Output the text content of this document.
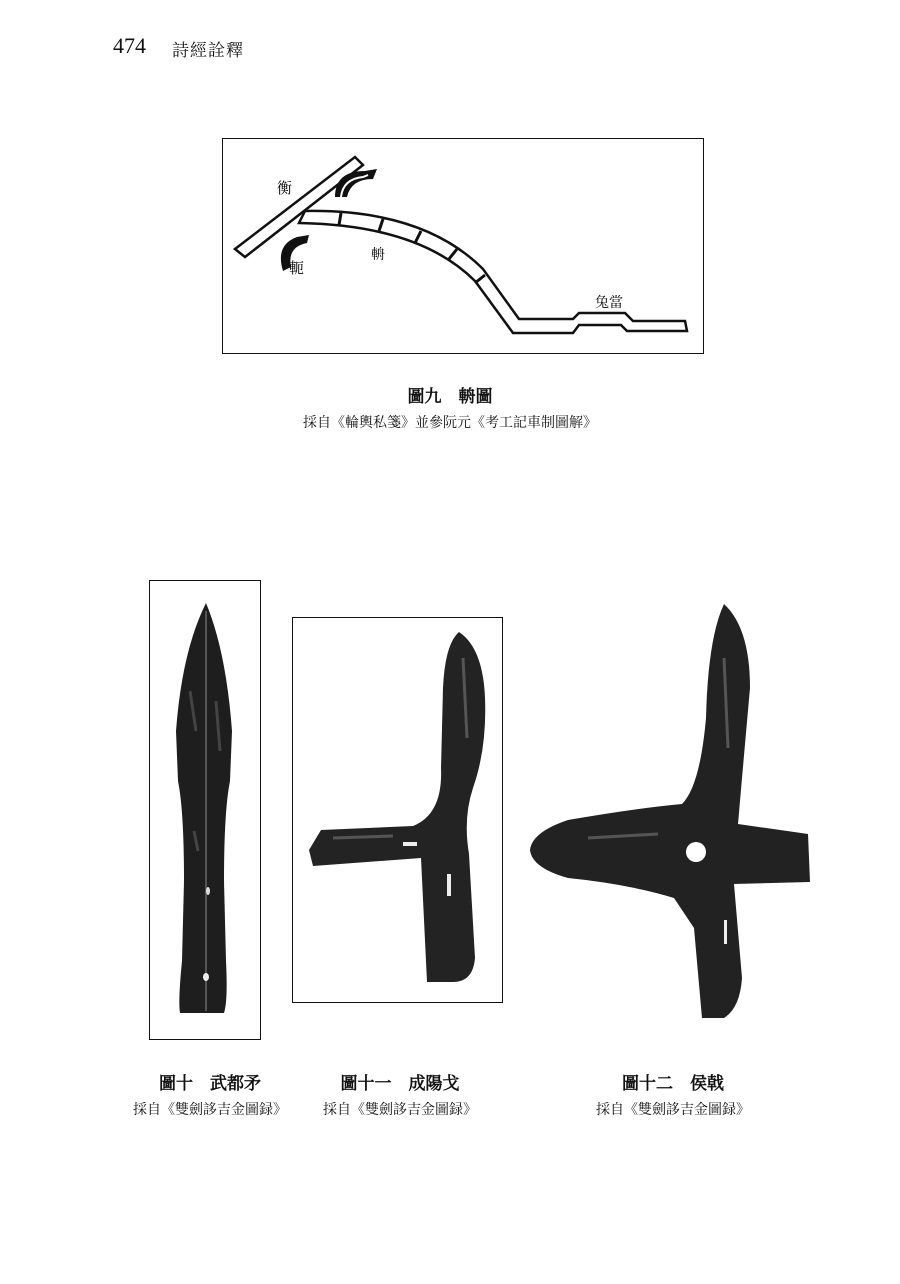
474 詩經詮釋
衡
軛
輈
兔當
圖九　輈圖
採自《輪輿私箋》並參阮元《考工記車制圖解》
圖十　武都矛
採自《雙劍誃吉金圖録》
圖十一　成陽戈
採自《雙劍誃吉金圖録》
圖十二　侯戟
採自《雙劍誃吉金圖録》
